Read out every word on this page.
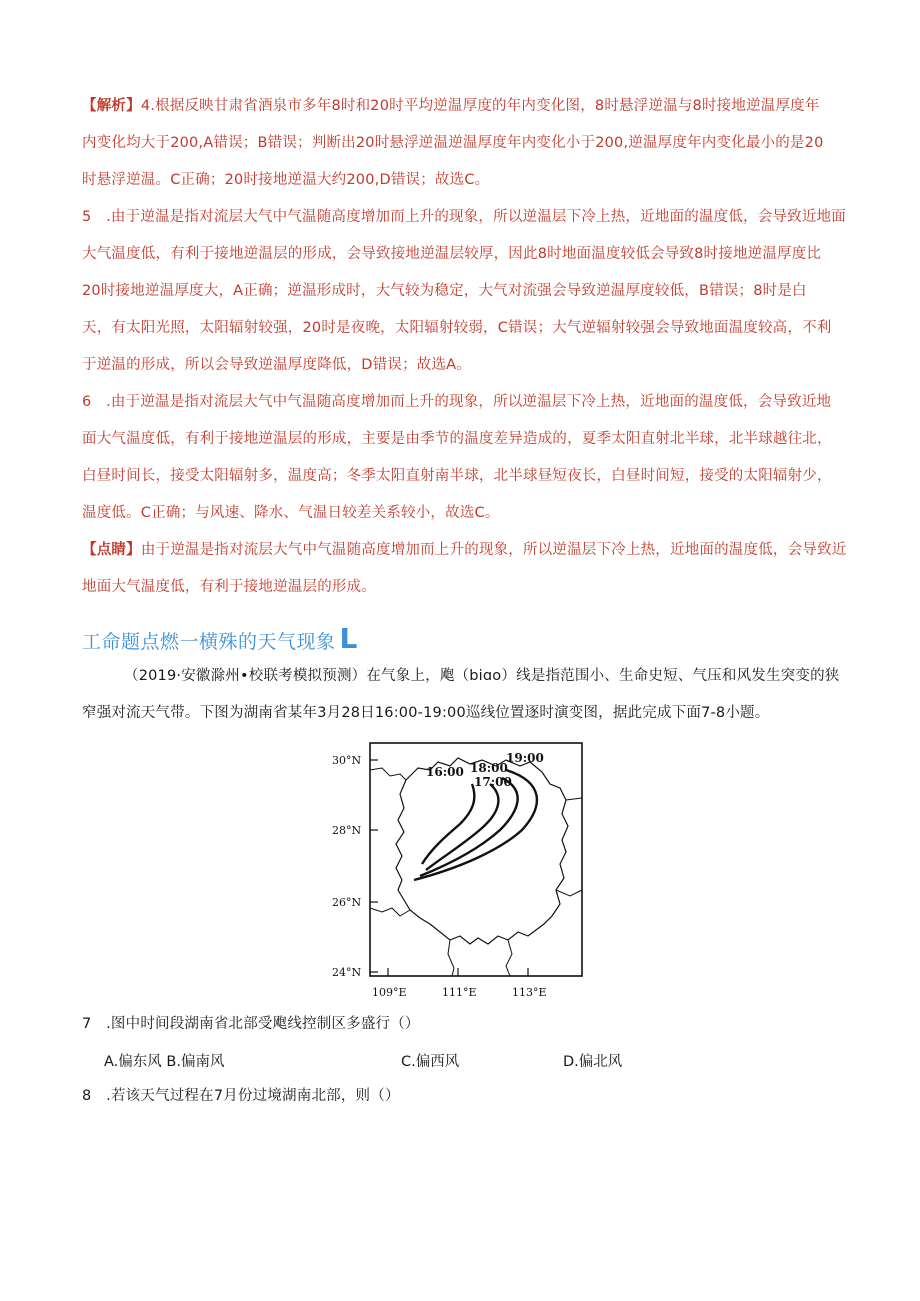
【解析】4.根据反映甘肃省酒泉市多年8时和20时平均逆温厚度的年内变化图，8时悬浮逆温与8时接地逆温厚度年
内变化均大于200,A错误；B错误；判断出20时悬浮逆温逆温厚度年内变化小于200,逆温厚度年内变化最小的是20
时悬浮逆温。C正确；20时接地逆温大约200,D错误；故选C。
5　.由于逆温是指对流层大气中气温随高度增加而上升的现象，所以逆温层下冷上热，近地面的温度低，会导致近地面
大气温度低，有利于接地逆温层的形成，会导致接地逆温层较厚，因此8时地面温度较低会导致8时接地逆温厚度比
20时接地逆温厚度大，A正确；逆温形成时，大气较为稳定，大气对流强会导致逆温厚度较低，B错误；8时是白
天，有太阳光照，太阳辐射较强，20时是夜晚，太阳辐射较弱，C错误；大气逆辐射较强会导致地面温度较高，不利
于逆温的形成，所以会导致逆温厚度降低，D错误；故选A。
6　.由于逆温是指对流层大气中气温随高度增加而上升的现象，所以逆温层下冷上热，近地面的温度低，会导致近地
面大气温度低，有利于接地逆温层的形成，主要是由季节的温度差异造成的，夏季太阳直射北半球，北半球越往北，
白昼时间长，接受太阳辐射多，温度高；冬季太阳直射南半球，北半球昼短夜长，白昼时间短，接受的太阳辐射少，
温度低。C正确；与风速、降水、气温日较差关系较小，故选C。
【点睛】由于逆温是指对流层大气中气温随高度增加而上升的现象，所以逆温层下冷上热，近地面的温度低，会导致近
地面大气温度低，有利于接地逆温层的形成。
工命题点燃一横殊的天气现象 L
（2019·安徽滁州•校联考模拟预测）在气象上，飑（biɑo）线是指范围小、生命史短、气压和风发生突变的狭
窄强对流天气带。下图为湖南省某年3月28日16:00-19:00巡线位置逐时演变图，据此完成下面7-8小题。
30°N
28°N
26°N
24°N
109°E	111°E	113°E
16:00 18:00
17:00
19:00
7　.图中时间段湖南省北部受飑线控制区多盛行（）
A.偏东风 B.偏南风	C.偏西风	D.偏北风
8　.若该天气过程在7月份过境湖南北部，则（）
